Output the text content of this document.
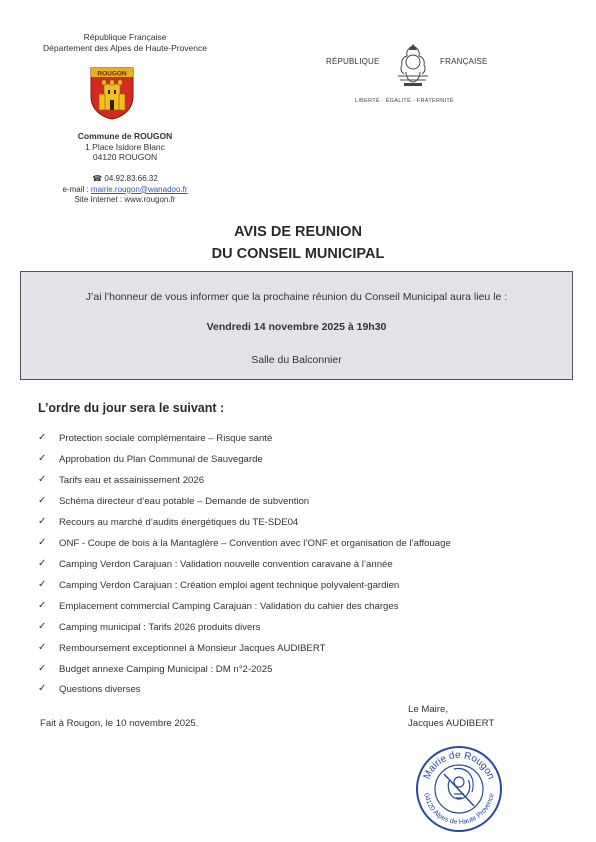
République Française
Département des Alpes de Haute-Provence
ROUGON
Commune de ROUGON
1 Place Isidore Blanc
04120 ROUGON
☎ 04.92.83.66.32
e-mail : mairie.rougon@wanadoo.fr
Site Internet : www.rougon.fr
RÉPUBLIQUE	FRANÇAISE
LIBERTÉ · ÉGALITÉ · FRATERNITÉ
AVIS DE REUNION
DU CONSEIL MUNICIPAL
J’ai l’honneur de vous informer que la prochaine réunion du Conseil Municipal aura lieu le :
Vendredi 14 novembre 2025 à 19h30
Salle du Balconnier
L’ordre du jour sera le suivant :
✓ Protection sociale complémentaire – Risque santé
✓ Approbation du Plan Communal de Sauvegarde
✓ Tarifs eau et assainissement 2026
✓ Schéma directeur d’eau potable – Demande de subvention
✓ Recours au marché d’audits énergétiques du TE-SDE04
✓ ONF - Coupe de bois à la Mantaglère – Convention avec l’ONF et organisation de l’affouage
✓ Camping Verdon Carajuan : Validation nouvelle convention caravane à l’année
✓ Camping Verdon Carajuan : Création emploi agent technique polyvalent-gardien
✓ Emplacement commercial Camping Carajuan : Validation du cahier des charges
✓ Camping municipal : Tarifs 2026 produits divers
✓ Remboursement exceptionnel à Monsieur Jacques AUDIBERT
✓ Budget annexe Camping Municipal : DM n°2-2025
✓ Questions diverses
Fait à Rougon, le 10 novembre 2025.
Le Maire,
Jacques AUDIBERT
Mairie de Rougon
04120 Alpes de Haute Provence
